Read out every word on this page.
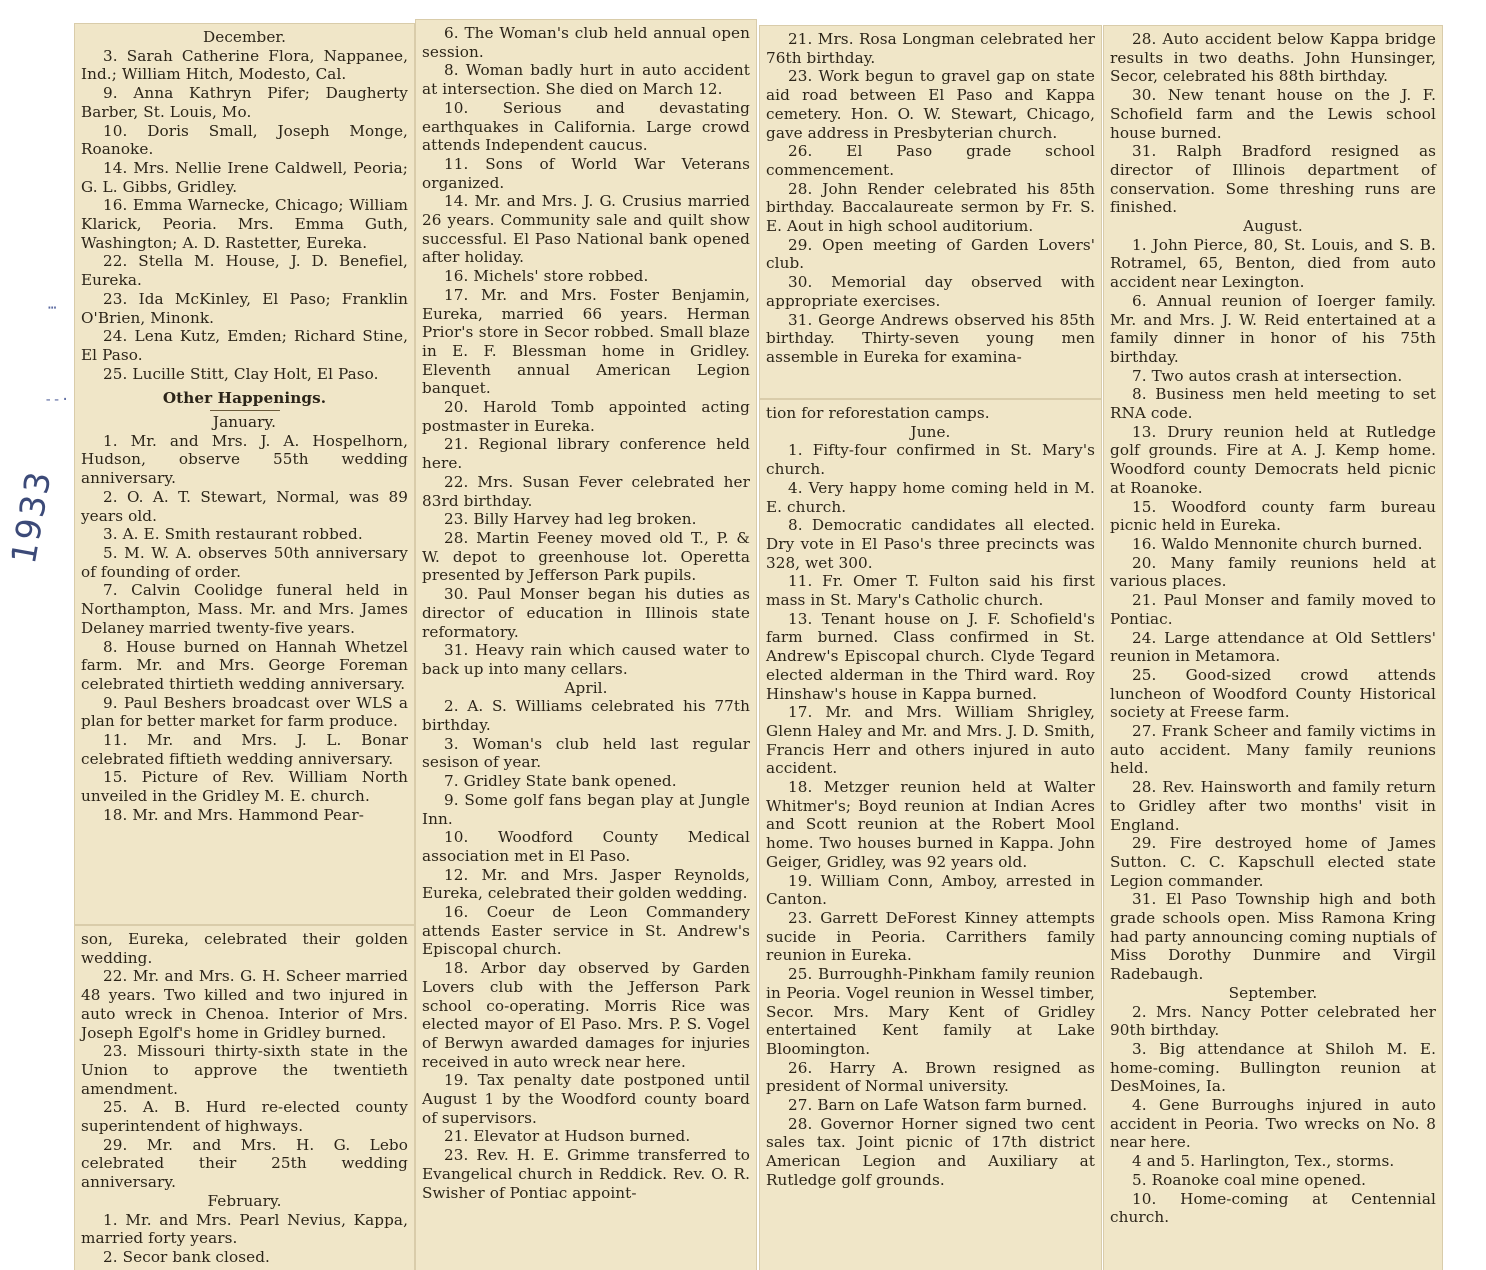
December.

3. Sarah Catherine Flora, Nappanee, Ind.; William Hitch, Modesto, Cal.

9. Anna Kathryn Pifer; Daugherty Barber, St. Louis, Mo.

10. Doris Small, Joseph Monge, Roanoke.

14. Mrs. Nellie Irene Caldwell, Peoria; G. L. Gibbs, Gridley.

16. Emma Warnecke, Chicago; William Klarick, Peoria. Mrs. Emma Guth, Washington; A. D. Rastetter, Eureka.

22. Stella M. House, J. D. Benefiel, Eureka.

23. Ida McKinley, El Paso; Franklin O'Brien, Minonk.

24. Lena Kutz, Emden; Richard Stine, El Paso.

25. Lucille Stitt, Clay Holt, El Paso.

Other Happenings.

January.

1. Mr. and Mrs. J. A. Hospelhorn, Hudson, observe 55th wedding anniversary.

2. O. A. T. Stewart, Normal, was 89 years old.

3. A. E. Smith restaurant robbed.

5. M. W. A. observes 50th anniversary of founding of order.

7. Calvin Coolidge funeral held in Northampton, Mass. Mr. and Mrs. James Delaney married twenty-five years.

8. House burned on Hannah Whetzel farm. Mr. and Mrs. George Foreman celebrated thirtieth wedding anniversary.

9. Paul Beshers broadcast over WLS a plan for better market for farm produce.

11. Mr. and Mrs. J. L. Bonar celebrated fiftieth wedding anniversary.

15. Picture of Rev. William North unveiled in the Gridley M. E. church.

18. Mr. and Mrs. Hammond Pear-

son, Eureka, celebrated their golden wedding.

22. Mr. and Mrs. G. H. Scheer married 48 years. Two killed and two injured in auto wreck in Chenoa. Interior of Mrs. Joseph Egolf's home in Gridley burned.

23. Missouri thirty-sixth state in the Union to approve the twentieth amendment.

25. A. B. Hurd re-elected county superintendent of highways.

29. Mr. and Mrs. H. G. Lebo celebrated their 25th wedding anniversary.

February.

1. Mr. and Mrs. Pearl Nevius, Kappa, married forty years.

2. Secor bank closed.

6. The Woman's club held annual open session.

8. Woman badly hurt in auto accident at intersection. She died on March 12.

10. Serious and devastating earthquakes in California. Large crowd attends Independent caucus.

11. Sons of World War Veterans organized.

14. Mr. and Mrs. J. G. Crusius married 26 years. Community sale and quilt show successful. El Paso National bank opened after holiday.

16. Michels' store robbed.

17. Mr. and Mrs. Foster Benjamin, Eureka, married 66 years. Herman Prior's store in Secor robbed. Small blaze in E. F. Blessman home in Gridley. Eleventh annual American Legion banquet.

20. Harold Tomb appointed acting postmaster in Eureka.

21. Regional library conference held here.

22. Mrs. Susan Fever celebrated her 83rd birthday.

23. Billy Harvey had leg broken.

28. Martin Feeney moved old T., P. & W. depot to greenhouse lot. Operetta presented by Jefferson Park pupils.

30. Paul Monser began his duties as director of education in Illinois state reformatory.

31. Heavy rain which caused water to back up into many cellars.

April.

2. A. S. Williams celebrated his 77th birthday.

3. Woman's club held last regular sesison of year.

7. Gridley State bank opened.

9. Some golf fans began play at Jungle Inn.

10. Woodford County Medical association met in El Paso.

12. Mr. and Mrs. Jasper Reynolds, Eureka, celebrated their golden wedding.

16. Coeur de Leon Commandery attends Easter service in St. Andrew's Episcopal church.

18. Arbor day observed by Garden Lovers club with the Jefferson Park school co-operating. Morris Rice was elected mayor of El Paso. Mrs. P. S. Vogel of Berwyn awarded damages for injuries received in auto wreck near here.

19. Tax penalty date postponed until August 1 by the Woodford county board of supervisors.

21. Elevator at Hudson burned.

23. Rev. H. E. Grimme transferred to Evangelical church in Reddick. Rev. O. R. Swisher of Pontiac appoint-

21. Mrs. Rosa Longman celebrated her 76th birthday.

23. Work begun to gravel gap on state aid road between El Paso and Kappa cemetery. Hon. O. W. Stewart, Chicago, gave address in Presbyterian church.

26. El Paso grade school commencement.

28. John Render celebrated his 85th birthday. Baccalaureate sermon by Fr. S. E. Aout in high school auditorium.

29. Open meeting of Garden Lovers' club.

30. Memorial day observed with appropriate exercises.

31. George Andrews observed his 85th birthday. Thirty-seven young men assemble in Eureka for examina-

tion for reforestation camps.

June.

1. Fifty-four confirmed in St. Mary's church.

4. Very happy home coming held in M. E. church.

8. Democratic candidates all elected. Dry vote in El Paso's three precincts was 328, wet 300.

11. Fr. Omer T. Fulton said his first mass in St. Mary's Catholic church.

13. Tenant house on J. F. Schofield's farm burned. Class confirmed in St. Andrew's Episcopal church. Clyde Tegard elected alderman in the Third ward. Roy Hinshaw's house in Kappa burned.

17. Mr. and Mrs. William Shrigley, Glenn Haley and Mr. and Mrs. J. D. Smith, Francis Herr and others injured in auto accident.

18. Metzger reunion held at Walter Whitmer's; Boyd reunion at Indian Acres and Scott reunion at the Robert Mool home. Two houses burned in Kappa. John Geiger, Gridley, was 92 years old.

19. William Conn, Amboy, arrested in Canton.

23. Garrett DeForest Kinney attempts sucide in Peoria. Carrithers family reunion in Eureka.

25. Burroughh-Pinkham family reunion in Peoria. Vogel reunion in Wessel timber, Secor. Mrs. Mary Kent of Gridley entertained Kent family at Lake Bloomington.

26. Harry A. Brown resigned as president of Normal university.

27. Barn on Lafe Watson farm burned.

28. Governor Horner signed two cent sales tax. Joint picnic of 17th district American Legion and Auxiliary at Rutledge golf grounds.

28. Auto accident below Kappa bridge results in two deaths. John Hunsinger, Secor, celebrated his 88th birthday.

30. New tenant house on the J. F. Schofield farm and the Lewis school house burned.

31. Ralph Bradford resigned as director of Illinois department of conservation. Some threshing runs are finished.

August.

1. John Pierce, 80, St. Louis, and S. B. Rotramel, 65, Benton, died from auto accident near Lexington.

6. Annual reunion of Ioerger family. Mr. and Mrs. J. W. Reid entertained at a family dinner in honor of his 75th birthday.

7. Two autos crash at intersection.

8. Business men held meeting to set RNA code.

13. Drury reunion held at Rutledge golf grounds. Fire at A. J. Kemp home. Woodford county Democrats held picnic at Roanoke.

15. Woodford county farm bureau picnic held in Eureka.

16. Waldo Mennonite church burned.

20. Many family reunions held at various places.

21. Paul Monser and family moved to Pontiac.

24. Large attendance at Old Settlers' reunion in Metamora.

25. Good-sized crowd attends luncheon of Woodford County Historical society at Freese farm.

27. Frank Scheer and family victims in auto accident. Many family reunions held.

28. Rev. Hainsworth and family return to Gridley after two months' visit in England.

29. Fire destroyed home of James Sutton. C. C. Kapschull elected state Legion commander.

31. El Paso Township high and both grade schools open. Miss Ramona Kring had party announcing coming nuptials of Miss Dorothy Dunmire and Virgil Radebaugh.

September.

2. Mrs. Nancy Potter celebrated her 90th birthday.

3. Big attendance at Shiloh M. E. home-coming. Bullington reunion at DesMoines, Ia.

4. Gene Burroughs injured in auto accident in Peoria. Two wrecks on No. 8 near here.

4 and 5. Harlington, Tex., storms.

5. Roanoke coal mine opened.

10. Home-coming at Centennial church.

1933
⋯
--·
